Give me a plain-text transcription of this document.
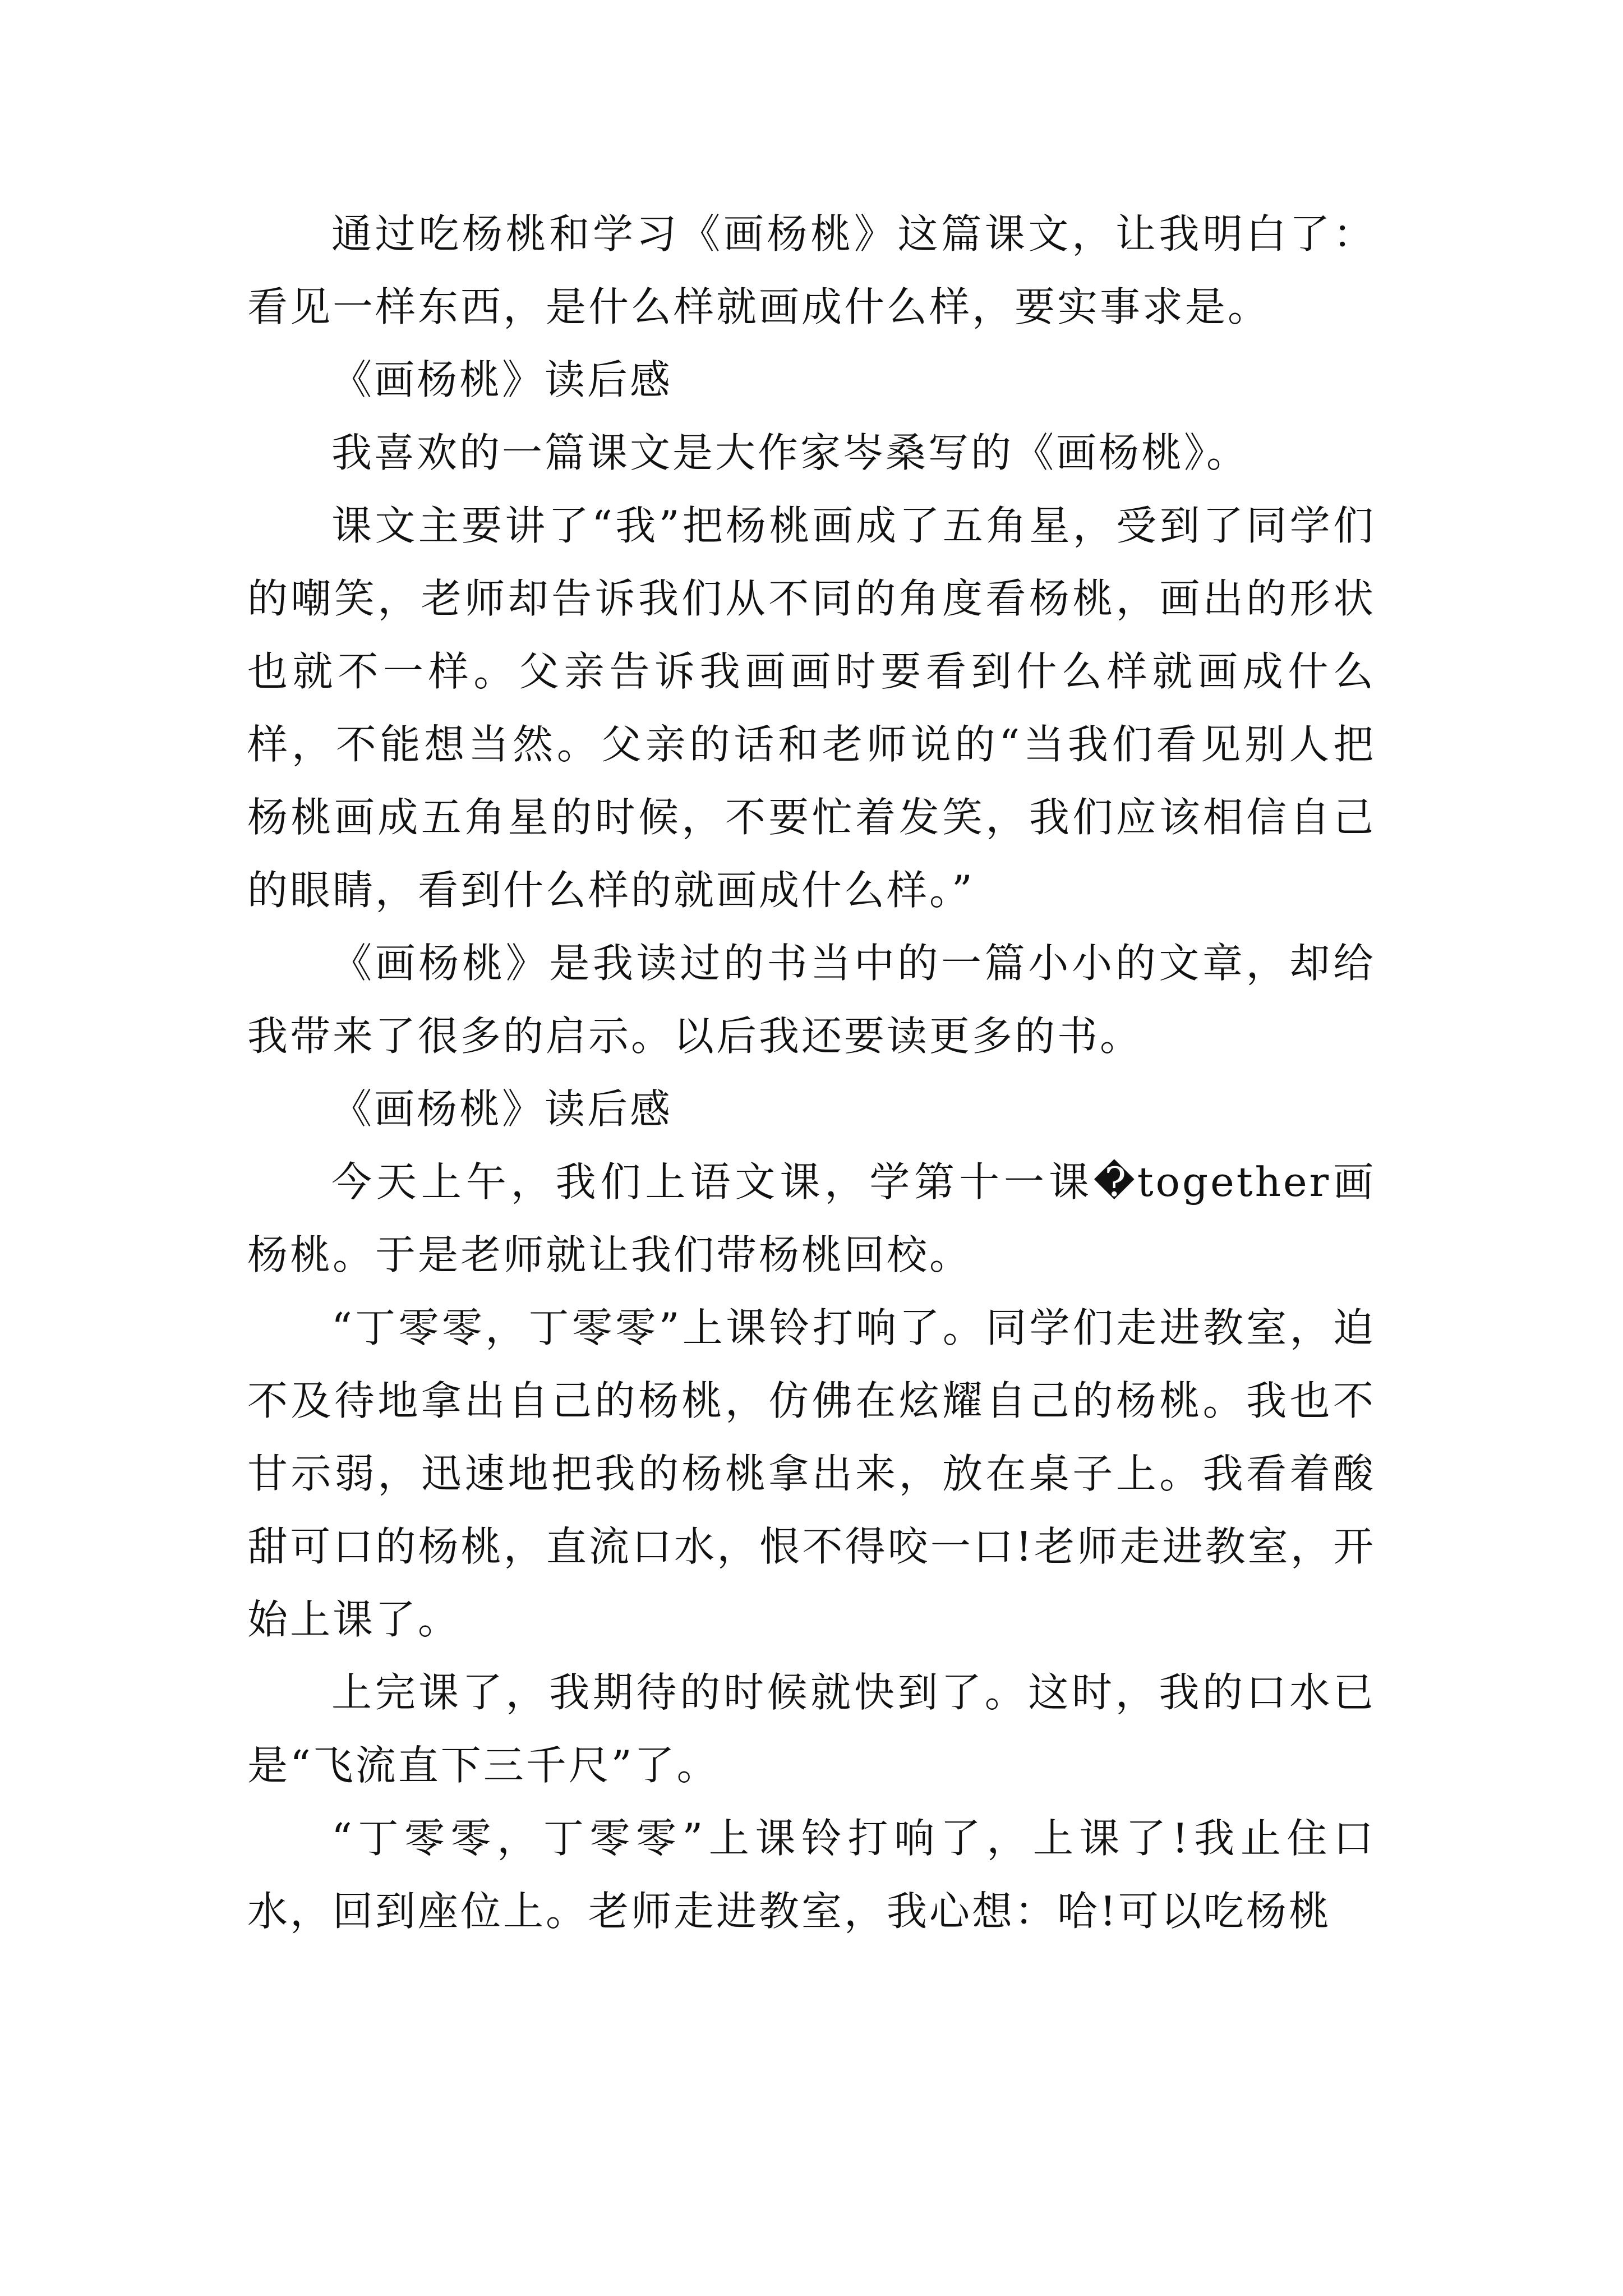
通过吃杨桃和学习《画杨桃》这篇课文，让我明白了：看见一样东西，是什么样就画成什么样，要实事求是。

《画杨桃》读后感

我喜欢的一篇课文是大作家岑桑写的《画杨桃》。

课文主要讲了“我”把杨桃画成了五角星，受到了同学们的嘲笑，老师却告诉我们从不同的角度看杨桃，画出的形状也就不一样。父亲告诉我画画时要看到什么样就画成什么样，不能想当然。父亲的话和老师说的“当我们看见别人把杨桃画成五角星的时候，不要忙着发笑，我们应该相信自己的眼睛，看到什么样的就画成什么样。”

《画杨桃》是我读过的书当中的一篇小小的文章，却给我带来了很多的启示。以后我还要读更多的书。

《画杨桃》读后感

今天上午，我们上语文课，学第十一课�together画杨桃。于是老师就让我们带杨桃回校。

“丁零零，丁零零”上课铃打响了。同学们走进教室，迫不及待地拿出自己的杨桃，仿佛在炫耀自己的杨桃。我也不甘示弱，迅速地把我的杨桃拿出来，放在桌子上。我看着酸甜可口的杨桃，直流口水，恨不得咬一口!老师走进教室，开始上课了。

上完课了，我期待的时候就快到了。这时，我的口水已是“飞流直下三千尺”了。

“丁零零，丁零零”上课铃打响了，上课了!我止住口水，回到座位上。老师走进教室，我心想：哈!可以吃杨桃
